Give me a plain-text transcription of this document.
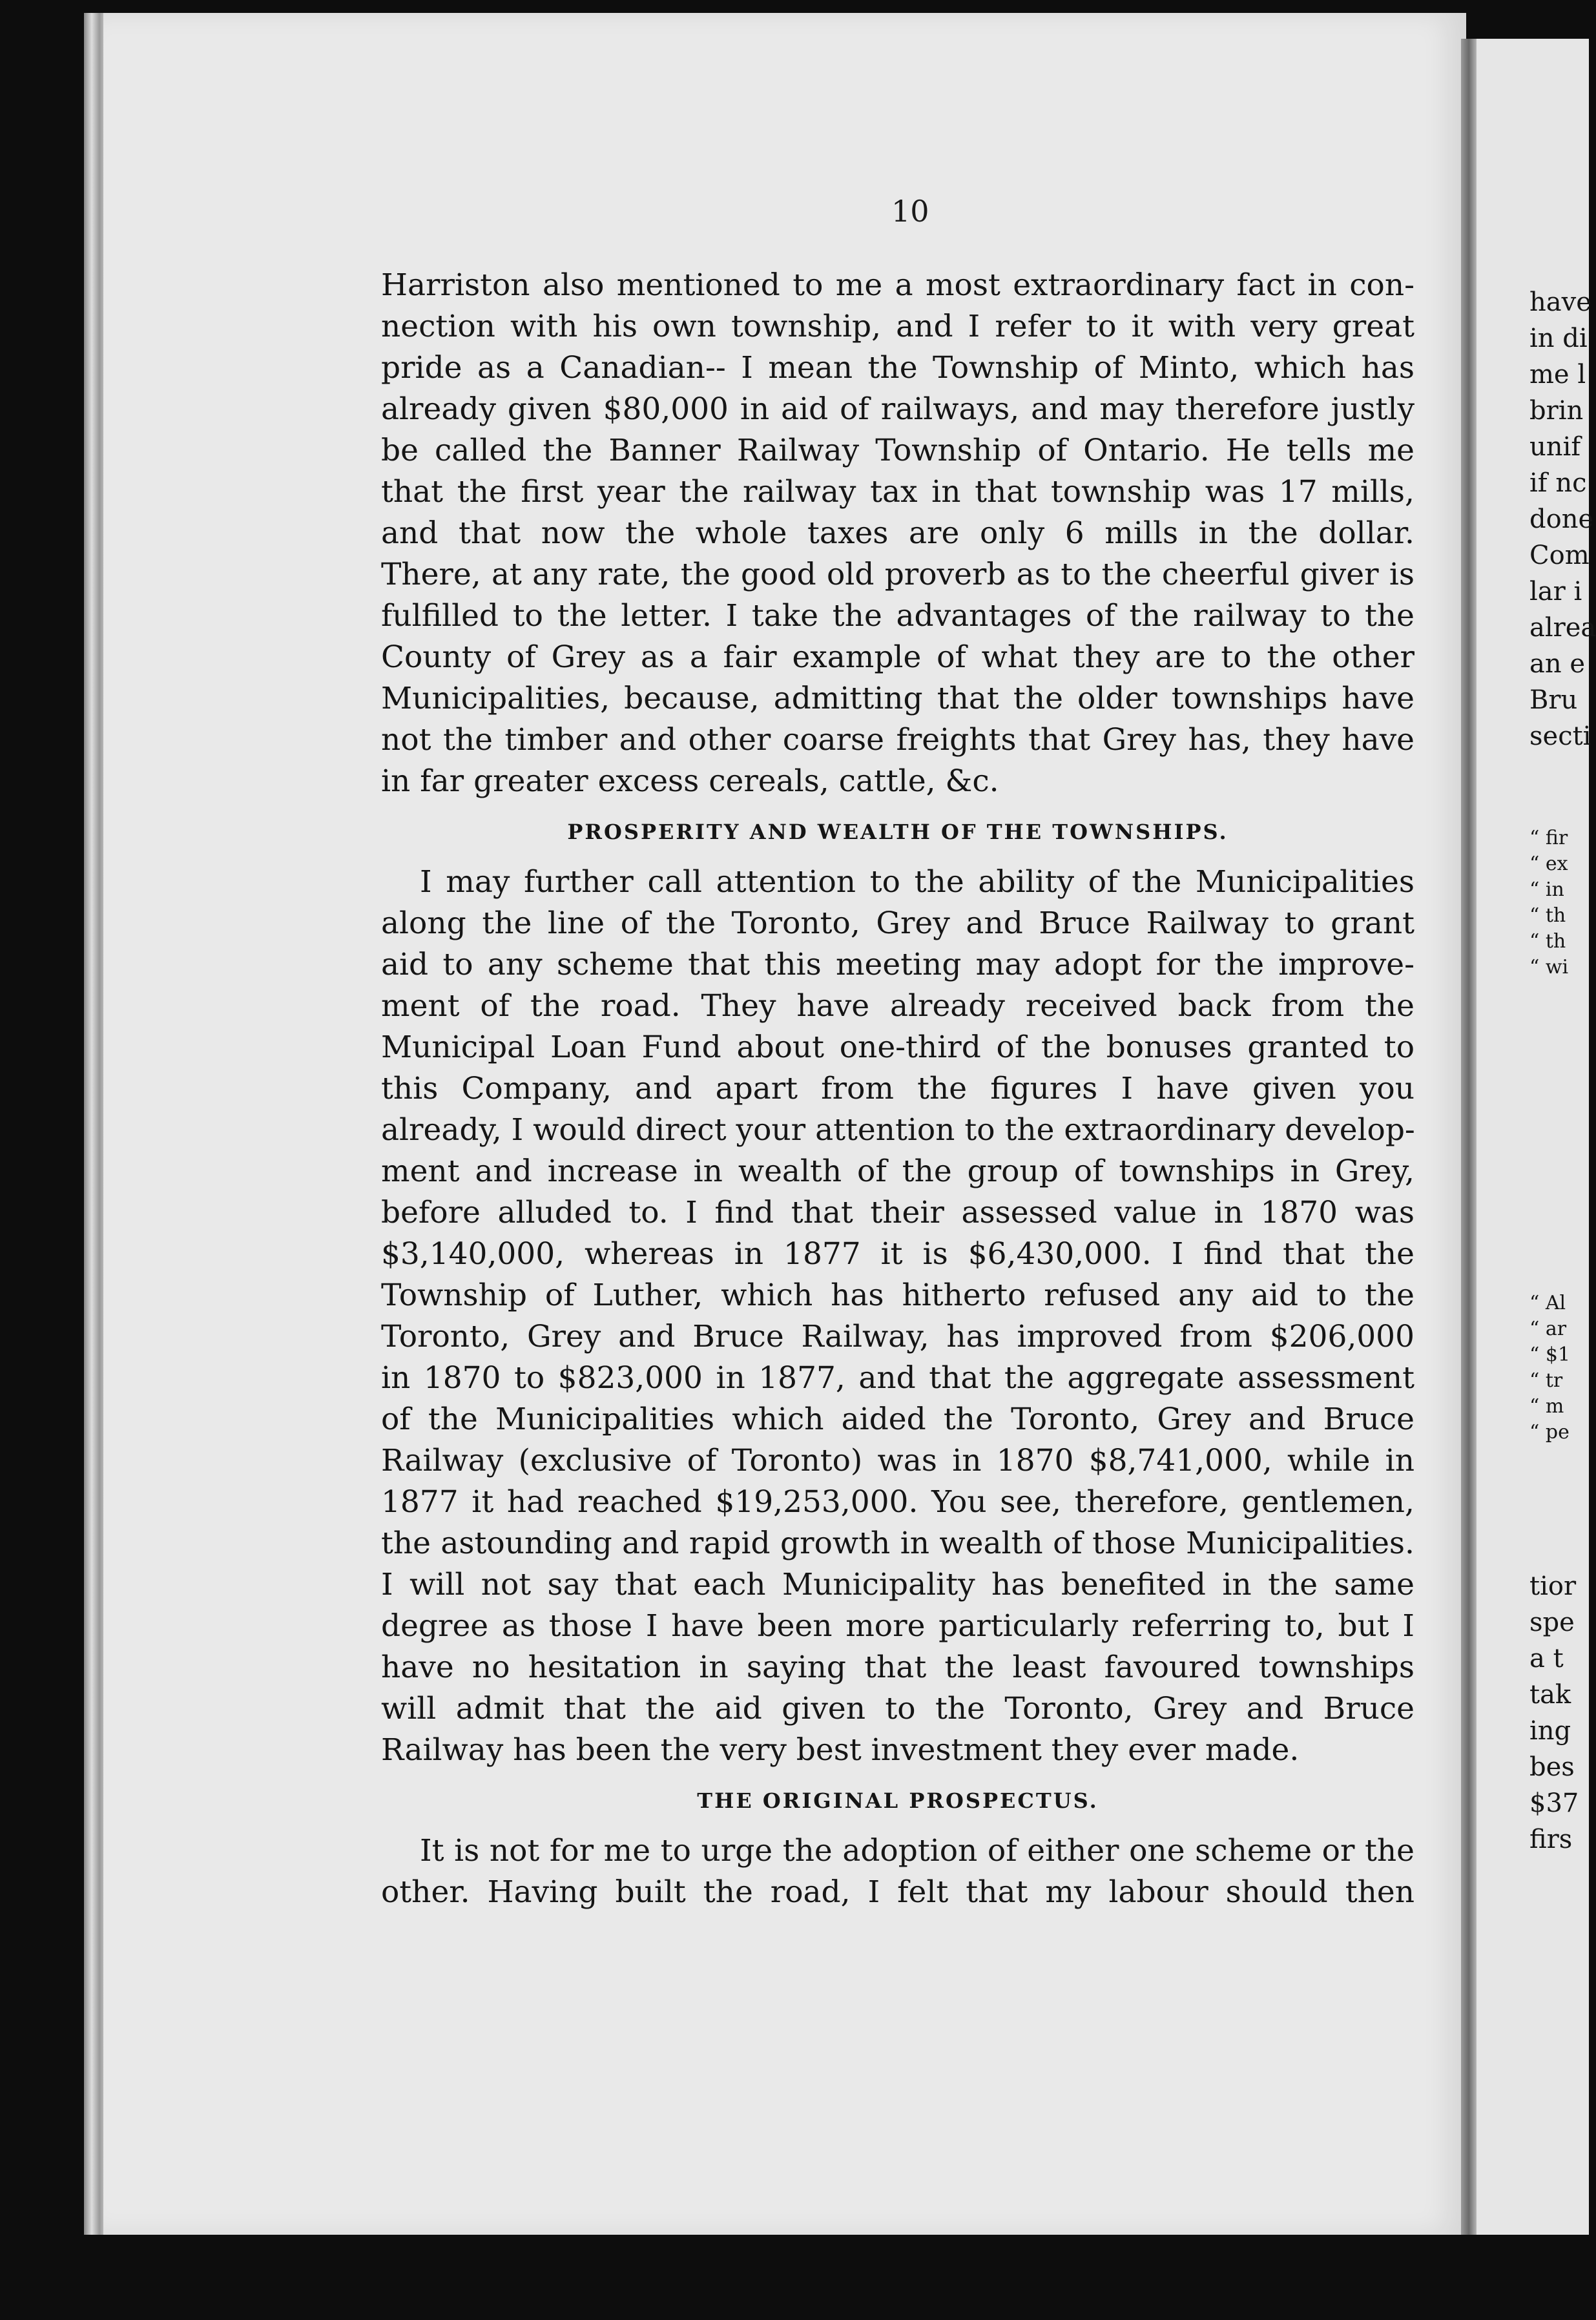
10
Harriston also mentioned to me a most extraordinary fact in con-
nection with his own township, and I refer to it with very great
pride as a Canadian-- I mean the Township of Minto, which has
already given $80,000 in aid of railways, and may therefore justly
be called the Banner Railway Township of Ontario. He tells me
that the first year the railway tax in that township was 17 mills,
and that now the whole taxes are only 6 mills in the dollar.
There, at any rate, the good old proverb as to the cheerful giver is
fulfilled to the letter. I take the advantages of the railway to the
County of Grey as a fair example of what they are to the other
Municipalities, because, admitting that the older townships have
not the timber and other coarse freights that Grey has, they have
in far greater excess cereals, cattle, &c.
PROSPERITY AND WEALTH OF THE TOWNSHIPS.
I may further call attention to the ability of the Municipalities
along the line of the Toronto, Grey and Bruce Railway to grant
aid to any scheme that this meeting may adopt for the improve-
ment of the road. They have already received back from the
Municipal Loan Fund about one-third of the bonuses granted to
this Company, and apart from the figures I have given you
already, I would direct your attention to the extraordinary develop-
ment and increase in wealth of the group of townships in Grey,
before alluded to. I find that their assessed value in 1870 was
$3,140,000, whereas in 1877 it is $6,430,000. I find that the
Township of Luther, which has hitherto refused any aid to the
Toronto, Grey and Bruce Railway, has improved from $206,000
in 1870 to $823,000 in 1877, and that the aggregate assessment
of the Municipalities which aided the Toronto, Grey and Bruce
Railway (exclusive of Toronto) was in 1870 $8,741,000, while in
1877 it had reached $19,253,000. You see, therefore, gentlemen,
the astounding and rapid growth in wealth of those Municipalities.
I will not say that each Municipality has benefited in the same
degree as those I have been more particularly referring to, but I
have no hesitation in saying that the least favoured townships
will admit that the aid given to the Toronto, Grey and Bruce
Railway has been the very best investment they ever made.
THE ORIGINAL PROSPECTUS.
It is not for me to urge the adoption of either one scheme or the
other. Having built the road, I felt that my labour should then
have
in di
me l
brin
unif
if nc
done
Com
lar i
alrea
an e
Bru
secti
“ fir
“ ex
“ in
“ th
“ th
“ wi
“ Al
“ ar
“ $1
“ tr
“ m
“ pe
tior
spe
a t
tak
ing
bes
$37
firs
